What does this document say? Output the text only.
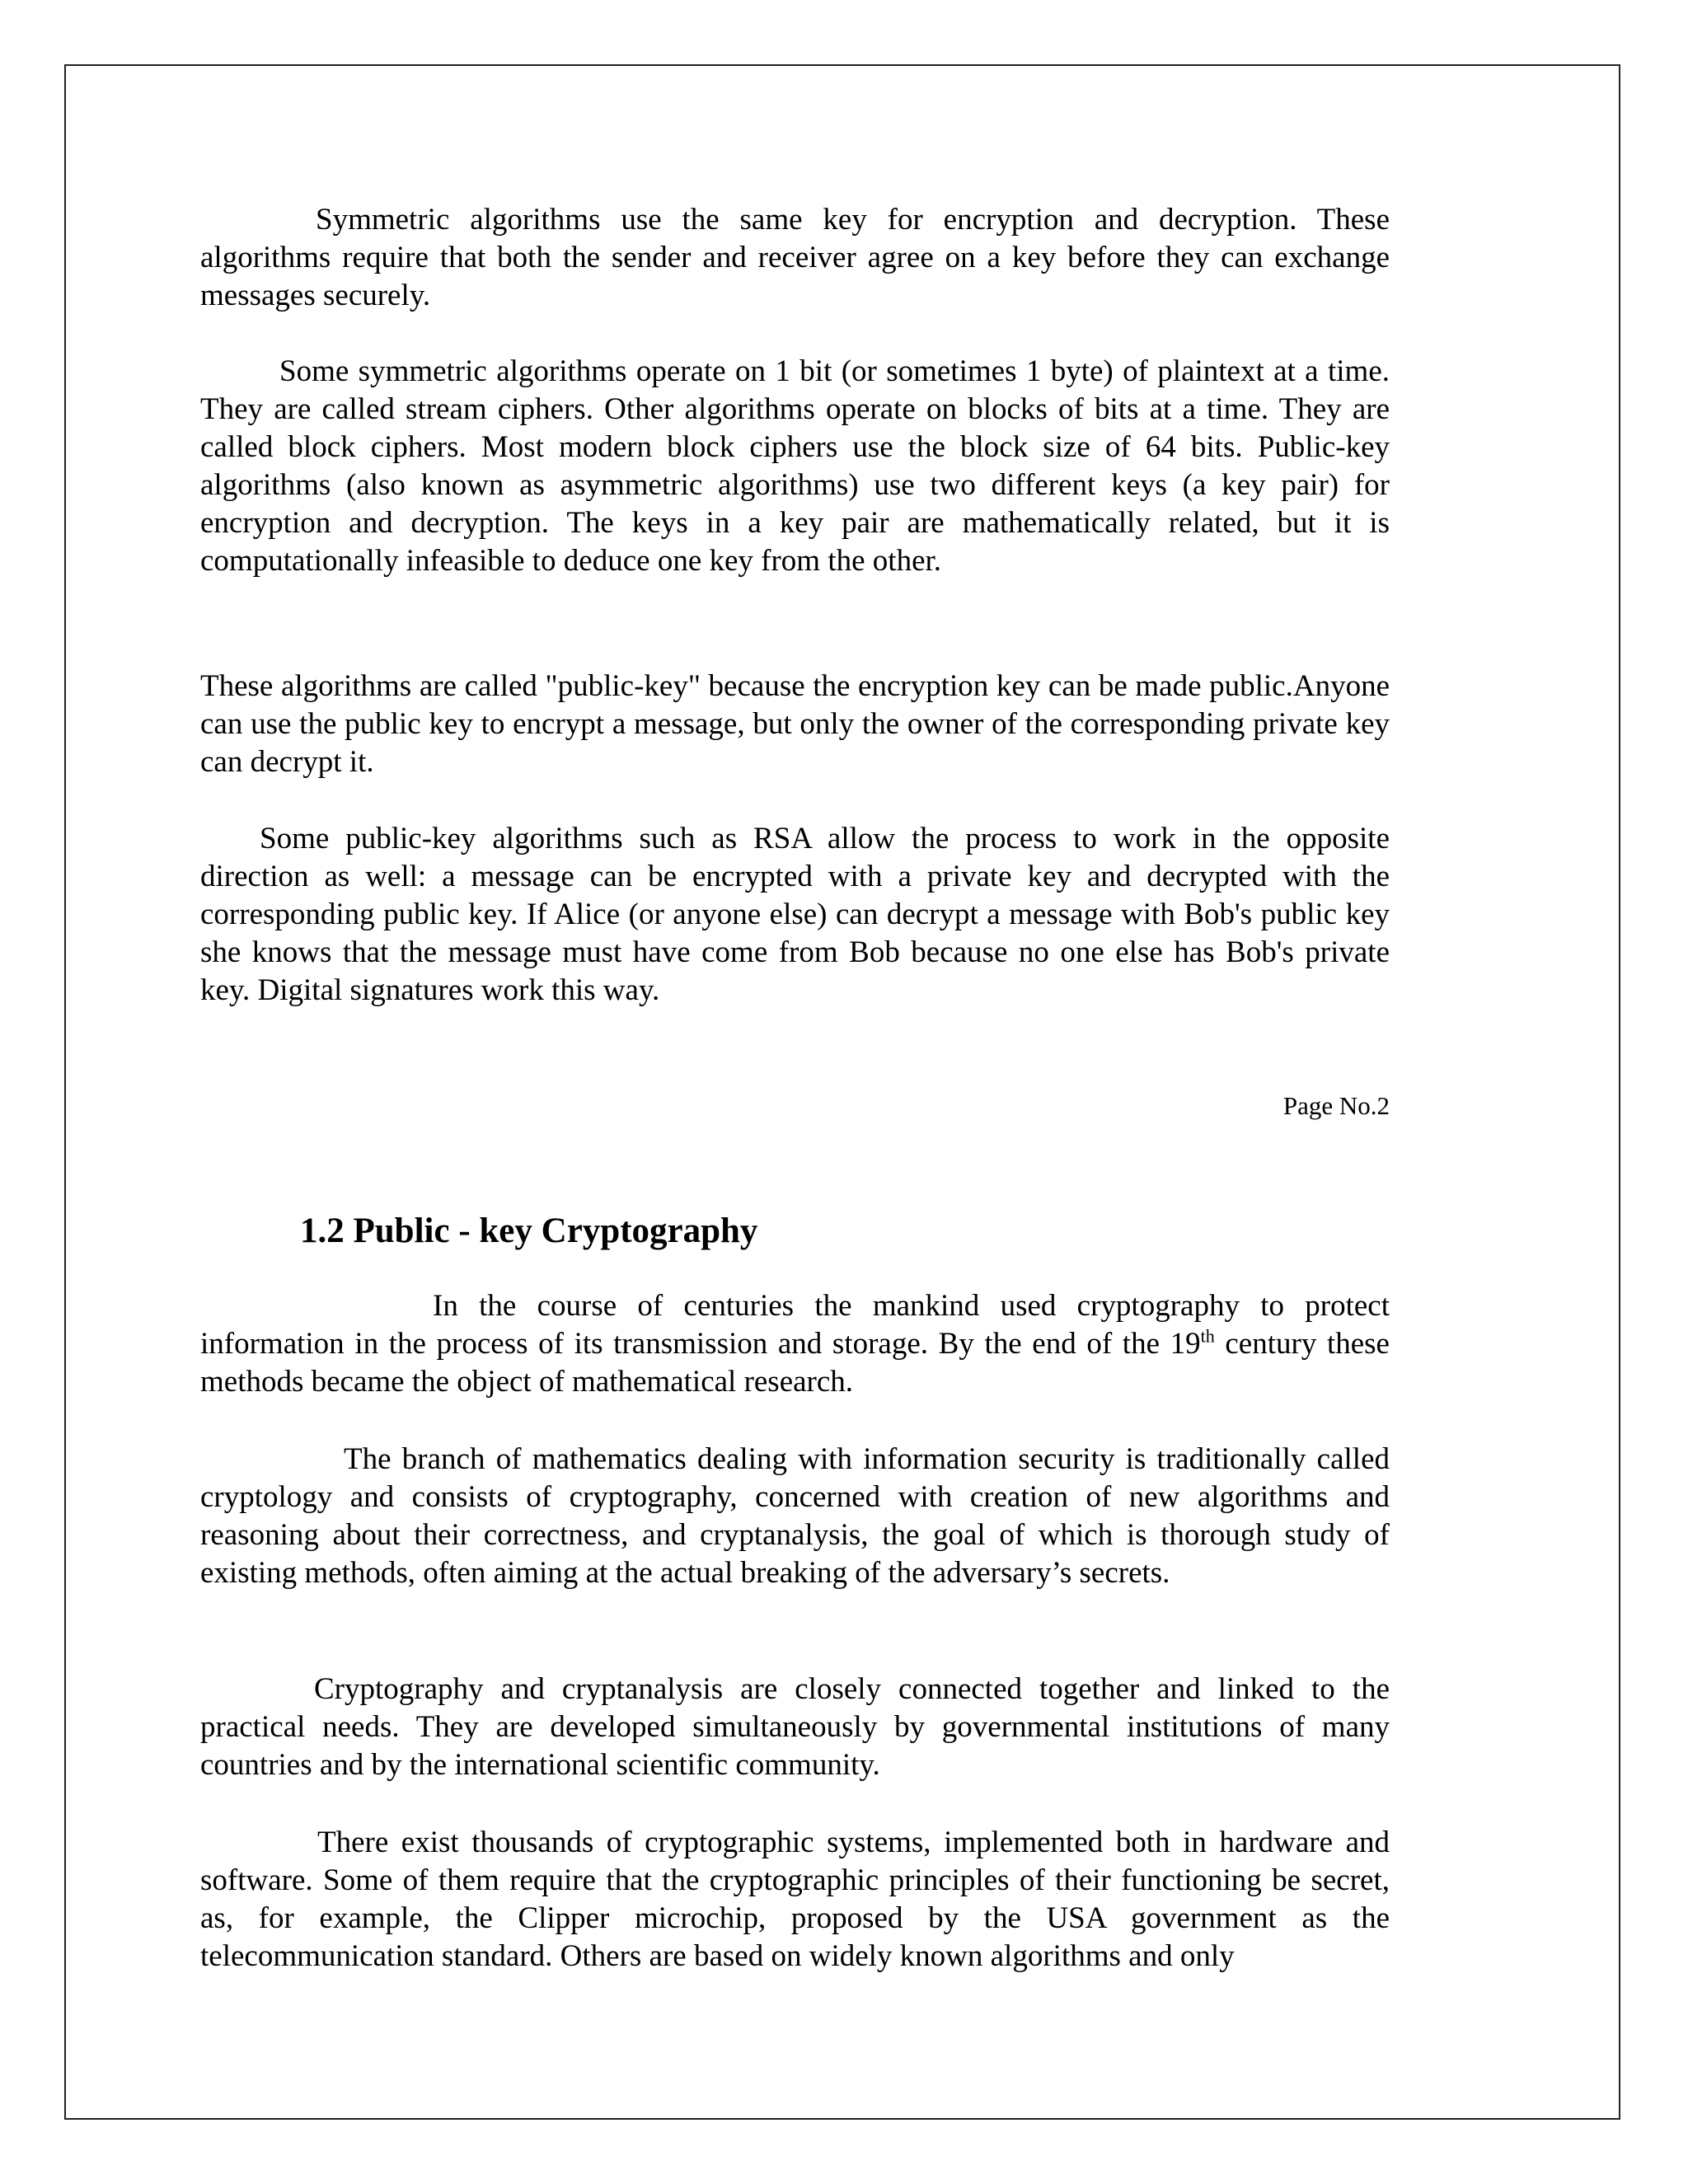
Symmetric algorithms use the same key for encryption and decryption. These algorithms require that both the sender and receiver agree on a key before they can exchange messages securely.

Some symmetric algorithms operate on 1 bit (or sometimes 1 byte) of plaintext at a time. They are called stream ciphers. Other algorithms operate on blocks of bits at a time. They are called block ciphers. Most modern block ciphers use the block size of 64 bits. Public-key algorithms (also known as asymmetric algorithms) use two different keys (a key pair) for encryption and decryption. The keys in a key pair are mathematically related, but it is computationally infeasible to deduce one key from the other.

These algorithms are called "public-key" because the encryption key can be made public.Anyone can use the public key to encrypt a message, but only the owner of the corresponding private key can decrypt it.

Some public-key algorithms such as RSA allow the process to work in the opposite direction as well: a message can be encrypted with a private key and decrypted with the corresponding public key. If Alice (or anyone else) can decrypt a message with Bob's public key she knows that the message must have come from Bob because no one else has Bob's private key. Digital signatures work this way.

Page No.2

1.2 Public - key Cryptography

In the course of centuries the mankind used cryptography to protect information in the process of its transmission and storage. By the end of the 19th century these methods became the object of mathematical research.

The branch of mathematics dealing with information security is traditionally called cryptology and consists of cryptography, concerned with creation of new algorithms and reasoning about their correctness, and cryptanalysis, the goal of which is thorough study of existing methods, often aiming at the actual breaking of the adversary’s secrets.

Cryptography and cryptanalysis are closely connected together and linked to the practical needs. They are developed simultaneously by governmental institutions of many countries and by the international scientific community.

There exist thousands of cryptographic systems, implemented both in hardware and software. Some of them require that the cryptographic principles of their functioning be secret, as, for example, the Clipper microchip, proposed by the USA government as the telecommunication standard. Others are based on widely known algorithms and only
